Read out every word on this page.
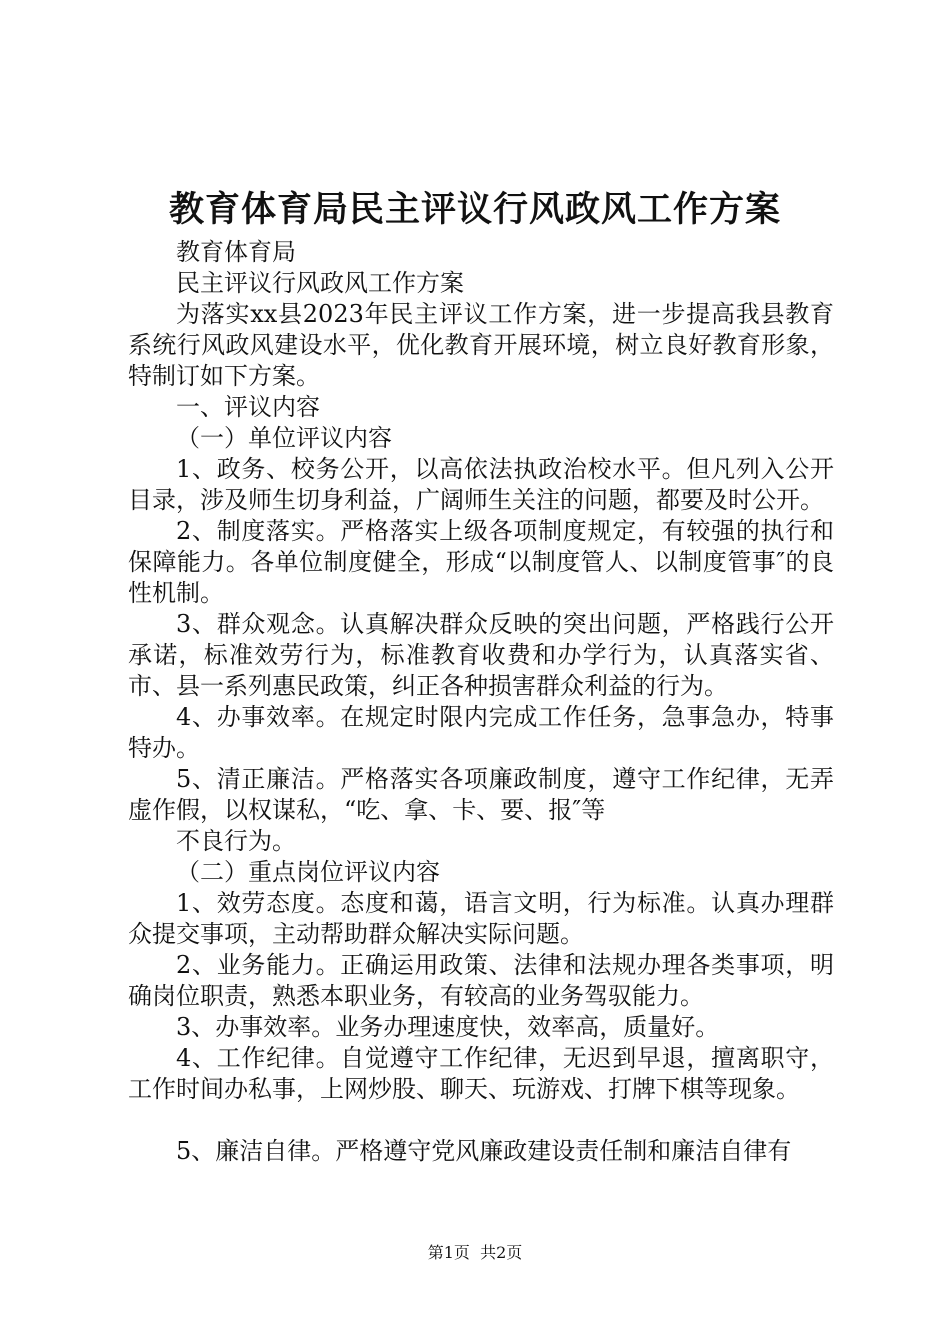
教育体育局民主评议行风政风工作方案

教育体育局

民主评议行风政风工作方案

为落实xx县2023年民主评议工作方案，进一步提高我县教育系统行风政风建设水平，优化教育开展环境，树立良好教育形象，特制订如下方案。

一、评议内容

（一）单位评议内容

1、政务、校务公开，以高依法执政治校水平。但凡列入公开目录，涉及师生切身利益，广阔师生关注的问题，都要及时公开。

2、制度落实。严格落实上级各项制度规定，有较强的执行和保障能力。各单位制度健全，形成“以制度管人、以制度管事″的良性机制。

3、群众观念。认真解决群众反映的突出问题，严格践行公开承诺，标准效劳行为，标准教育收费和办学行为，认真落实省、市、县一系列惠民政策，纠正各种损害群众利益的行为。

4、办事效率。在规定时限内完成工作任务，急事急办，特事特办。

5、清正廉洁。严格落实各项廉政制度，遵守工作纪律，无弄虚作假，以权谋私，“吃、拿、卡、要、报″等

不良行为。

（二）重点岗位评议内容

1、效劳态度。态度和蔼，语言文明，行为标准。认真办理群众提交事项，主动帮助群众解决实际问题。

2、业务能力。正确运用政策、法律和法规办理各类事项，明确岗位职责，熟悉本职业务，有较高的业务驾驭能力。

3、办事效率。业务办理速度快，效率高，质量好。

4、工作纪律。自觉遵守工作纪律，无迟到早退，擅离职守，工作时间办私事，上网炒股、聊天、玩游戏、打牌下棋等现象。

5、廉洁自律。严格遵守党风廉政建设责任制和廉洁自律有

第1页  共2页
